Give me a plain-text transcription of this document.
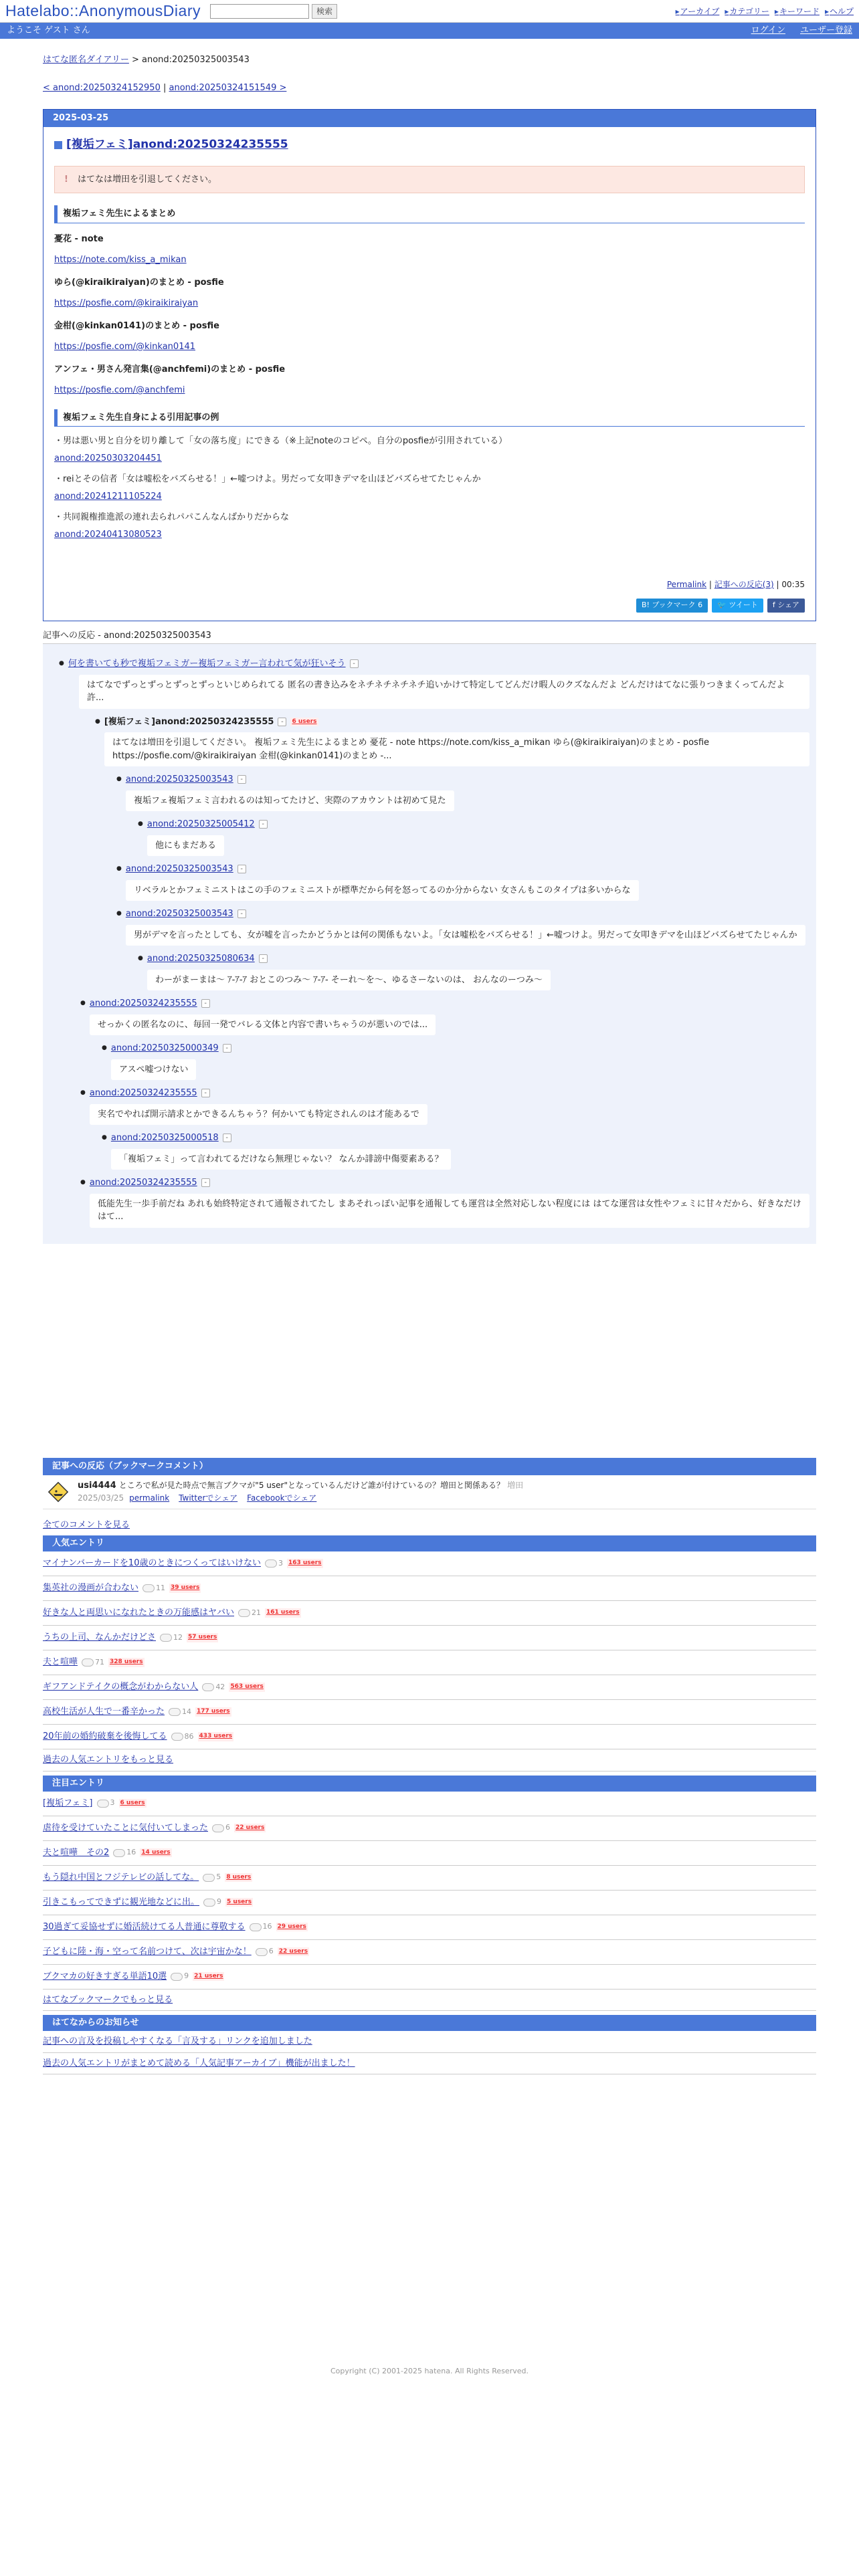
Hatelabo::AnonymousDiary	検索	▸ アーカイブ	▸ カテゴリー	▸ キーワード	▸ ヘルプ
ようこそ ゲスト さん	ログイン ユーザー登録
はてな匿名ダイアリー > anond:20250325003543
< anond:20250324152950 | anond:20250324151549 >
2025-03-25
[複垢フェミ]anond:20250324235555
! はてなは増田を引退してください。
複垢フェミ先生によるまとめ
憂花 - note
https://note.com/kiss_a_mikan
ゆら(@kiraikiraiyan)のまとめ - posfie
https://posfie.com/@kiraikiraiyan
金柑(@kinkan0141)のまとめ - posfie
https://posfie.com/@kinkan0141
アンフェ・男さん発言集(@anchfemi)のまとめ - posfie
https://posfie.com/@anchfemi
複垢フェミ先生自身による引用記事の例
・男は悪い男と自分を切り離して「女の落ち度」にできる（※上記noteのコピペ。自分のposfieが引用されている）
anond:20250303204451
・reiとその信者「女は嘘松をバズらせる！」←嘘つけよ。男だって女叩きデマを山ほどバズらせてたじゃんか
anond:20241211105224
・共同親権推進派の連れ去られパパこんなんばかりだからな
anond:20240413080523
Permalink | 記事への反応(3) | 00:35
B! ブックマーク 6	🐦 ツイート	f シェア
記事への反応 - anond:20250325003543
● 何を書いても秒で複垢フェミガー複垢フェミガー言われて気が狂いそう	-
はてなでずっとずっとずっとずっといじめられてる 匿名の書き込みをネチネチネチネチ追いかけて特定してどんだけ暇人のクズなんだよ どんだけはてなに張りつきまくってんだよ 許...
● [複垢フェミ]anond:20250324235555	-	6 users
はてなは増田を引退してください。 複垢フェミ先生によるまとめ 憂花 - note https://note.com/kiss_a_mikan ゆら(@kiraikiraiyan)のまとめ - posfie https://posfie.com/@kiraikiraiyan 金柑(@kinkan0141)のまとめ -...
● anond:20250325003543	-
複垢フェ複垢フェミ言われるのは知ってたけど、実際のアカウントは初めて見た
● anond:20250325005412	-
他にもまだある
● anond:20250325003543	-
リベラルとかフェミニストはこの手のフェミニストが標準だから何を怒ってるのか分からない 女さんもこのタイプは多いからな
● anond:20250325003543	-
男がデマを言ったとしても、女が嘘を言ったかどうかとは何の関係もないよ。「女は嘘松をバズらせる！」←嘘つけよ。男だって女叩きデマを山ほどバズらせてたじゃんか
● anond:20250325080634	-
わーがまーまは～ ｱ-ｱ-ｱ おとこのつみ～ ｱ-ｱ- そーれ～を～、ゆるさーないのは、 おんなのーつみ～
● anond:20250324235555	-
せっかくの匿名なのに、毎回一発でバレる文体と内容で書いちゃうのが悪いのでは...
● anond:20250325000349	-
アスペ嘘つけない
● anond:20250324235555	-
実名でやれば開示請求とかできるんちゃう？何かいても特定されんのは才能あるで
● anond:20250325000518	-
「複垢フェミ」って言われてるだけなら無理じゃない？ なんか誹謗中傷要素ある？
● anond:20250324235555	-
低能先生一歩手前だね あれも始終特定されて通報されてたし まあそれっぽい記事を通報しても運営は全然対応しない程度には はてな運営は女性やフェミに甘々だから、好きなだけはて...
記事への反応（ブックマークコメント）
usi4444 ところで私が見た時点で無言ブクマが"5 user"となっているんだけど誰が付けているの？増田と関係ある？ 増田
2025/03/25 permalink Twitterでシェア Facebookでシェア
全てのコメントを見る
人気エントリ
マイナンバーカードを10歳のときにつくってはいけない 3 163 users
集英社の漫画が合わない 11 39 users
好きな人と両思いになれたときの万能感はヤバい 21 161 users
うちの上司、なんかだけどさ 12 57 users
夫と喧嘩 71 328 users
ギフアンドテイクの概念がわからない人 42 563 users
高校生活が人生で一番辛かった 14 177 users
20年前の婚約破棄を後悔してる 86 433 users
過去の人気エントリをもっと見る
注目エントリ
[複垢フェミ] 3 6 users
虐待を受けていたことに気付いてしまった 6 22 users
夫と喧嘩　その2 16 14 users
もう隠れ中国とフジテレビの話してな。 5 8 users
引きこもってできずに観光地などに出。 9 5 users
30過ぎて妥協せずに婚活続けてる人普通に尊敬する 16 29 users
子どもに陸・海・空って名前つけて、次は宇宙かな！ 6 22 users
ブクマカの好きすぎる単語10選 9 21 users
はてなブックマークでもっと見る
はてなからのお知らせ
記事への言及を投稿しやすくなる「言及する」リンクを追加しました
過去の人気エントリがまとめて読める「人気記事アーカイブ」機能が出ました！
Copyright (C) 2001-2025 hatena. All Rights Reserved.
